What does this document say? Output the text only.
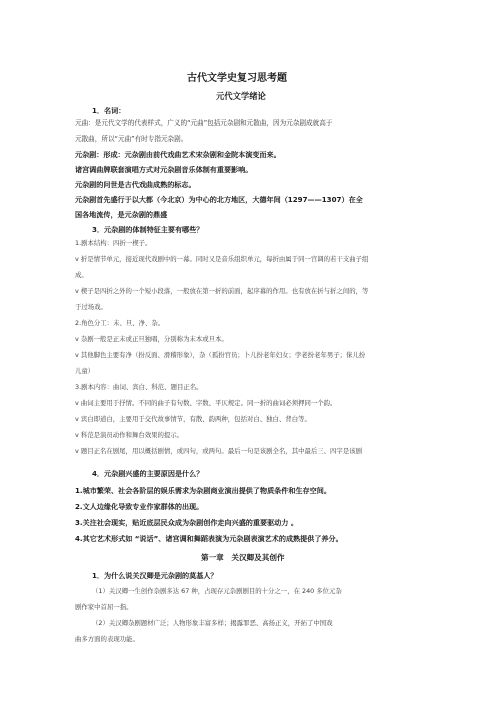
古代文学史复习思考题
元代文学绪论
1．名词：
元曲：是元代文学的代表样式，广义的“元曲”包括元杂剧和元散曲，因为元杂剧成就高于
元散曲，所以“元曲”有时专指元杂剧。
元杂剧：形成：元杂剧由前代戏曲艺术宋杂剧和金院本演变而来。
诸宫调曲牌联套演唱方式对元杂剧音乐体制有重要影响。
元杂剧的问世是古代戏曲成熟的标志。
元杂剧首先盛行于以大都（今北京）为中心的北方地区，大德年间（1297——1307）在全
国各地流传，是元杂剧的鼎盛
3．元杂剧的体制特征主要有哪些？
1.剧本结构：四折一楔子。
v 折是情节单元，接近现代戏剧中的一幕。同时又是音乐组织单元，每折由属于同一宫调的若干支曲子组
成。
v 楔子是四折之外的一个短小段落，一般放在第一折的前面，起序幕的作用。也有放在折与折之间的，等
于过场戏。
2.角色分工：末、旦、净、杂。
v 杂剧一般是正末或正旦独唱，分别称为末本或旦本。
v 其他脚色主要有净（扮反面、滑稽形象），杂（孤扮官员；卜儿扮老年妇女；孛老扮老年男子；俫儿扮
儿童）
3.剧本内容：曲词、宾白、科范、题目正名。
v 曲词主要用于抒情。不同的曲子有句数、字数、平仄规定。同一折的曲词必须押同一个韵。
v 宾白即道白，主要用于交代故事情节，有散、韵两种，包括对白、独白、背白等。
v 科范是演员动作和舞台效果的提示。
v 题目正名在剧尾，用以概括剧情，或四句，或两句。最后一句是该剧全名，其中最后三、四字是该剧
4．元杂剧兴盛的主要原因是什么？
1.城市繁荣、社会各阶层的娱乐需求为杂剧商业演出提供了物质条件和生存空间。
2.文人边缘化导致专业作家群体的出现。
3.关注社会现实，贴近底层民众成为杂剧创作走向兴盛的重要驱动力 。
4.其它艺术形式如 “说话”、诸宫调和舞蹈表演为元杂剧表演艺术的成熟提供了养分。
第一章　关汉卿及其创作
1．为什么说关汉卿是元杂剧的莫基人？
（1）关汉卿一生创作杂剧多达 67 种，占现存元杂剧剧目的十分之一，在 240 多位元杂
剧作家中首屈一指。
（2）关汉卿杂剧题材广泛；人物形象丰富多样；揭露罪恶、高扬正义，开拓了中国戏
曲多方面的表现功能。
